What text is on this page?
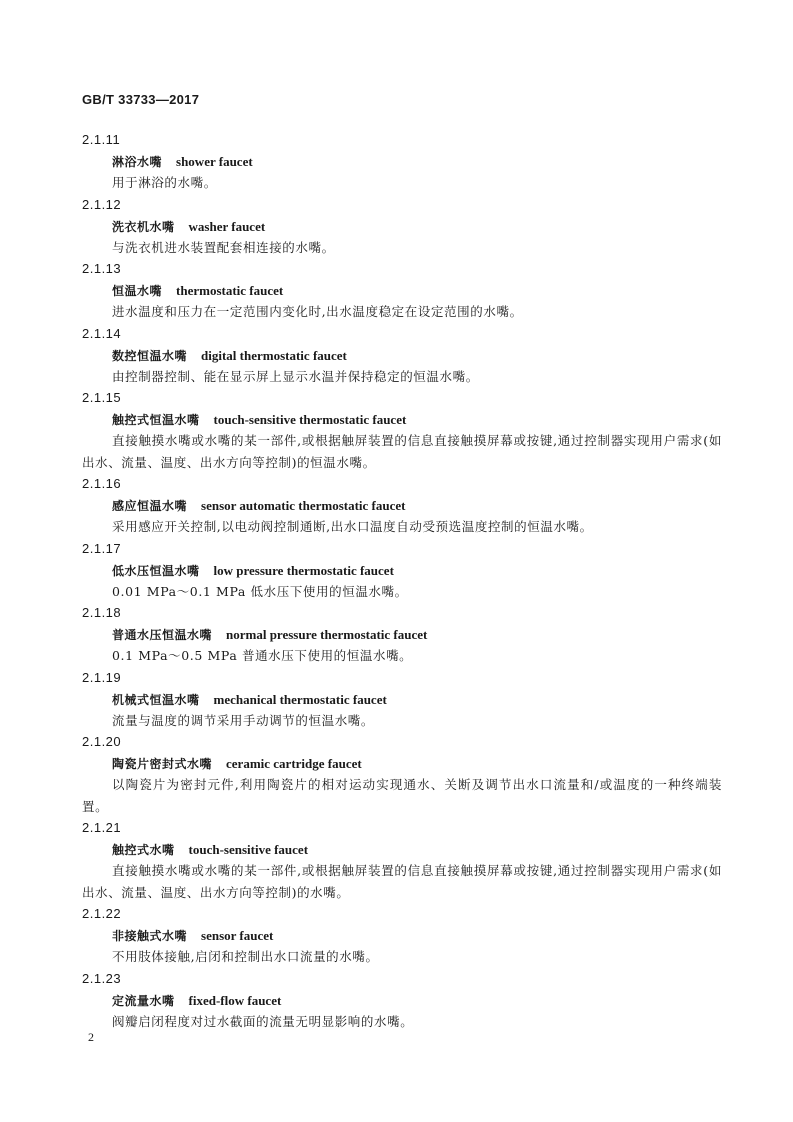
GB/T 33733—2017
2.1.11
淋浴水嘴 shower faucet

用于淋浴的水嘴。

2.1.12
洗衣机水嘴 washer faucet

与洗衣机进水装置配套相连接的水嘴。

2.1.13
恒温水嘴 thermostatic faucet

进水温度和压力在一定范围内变化时,出水温度稳定在设定范围的水嘴。

2.1.14
数控恒温水嘴 digital thermostatic faucet

由控制器控制、能在显示屏上显示水温并保持稳定的恒温水嘴。

2.1.15
触控式恒温水嘴 touch-sensitive thermostatic faucet

直接触摸水嘴或水嘴的某一部件,或根据触屏装置的信息直接触摸屏幕或按键,通过控制器实现用户需求(如出水、流量、温度、出水方向等控制)的恒温水嘴。

2.1.16
感应恒温水嘴 sensor automatic thermostatic faucet

采用感应开关控制,以电动阀控制通断,出水口温度自动受预选温度控制的恒温水嘴。

2.1.17
低水压恒温水嘴 low pressure thermostatic faucet

0.01 MPa～0.1 MPa 低水压下使用的恒温水嘴。

2.1.18
普通水压恒温水嘴 normal pressure thermostatic faucet

0.1 MPa～0.5 MPa 普通水压下使用的恒温水嘴。

2.1.19
机械式恒温水嘴 mechanical thermostatic faucet

流量与温度的调节采用手动调节的恒温水嘴。

2.1.20
陶瓷片密封式水嘴 ceramic cartridge faucet

以陶瓷片为密封元件,利用陶瓷片的相对运动实现通水、关断及调节出水口流量和/或温度的一种终端装置。

2.1.21
触控式水嘴 touch-sensitive faucet

直接触摸水嘴或水嘴的某一部件,或根据触屏装置的信息直接触摸屏幕或按键,通过控制器实现用户需求(如出水、流量、温度、出水方向等控制)的水嘴。

2.1.22
非接触式水嘴 sensor faucet

不用肢体接触,启闭和控制出水口流量的水嘴。

2.1.23
定流量水嘴 fixed-flow faucet

阀瓣启闭程度对过水截面的流量无明显影响的水嘴。

2
